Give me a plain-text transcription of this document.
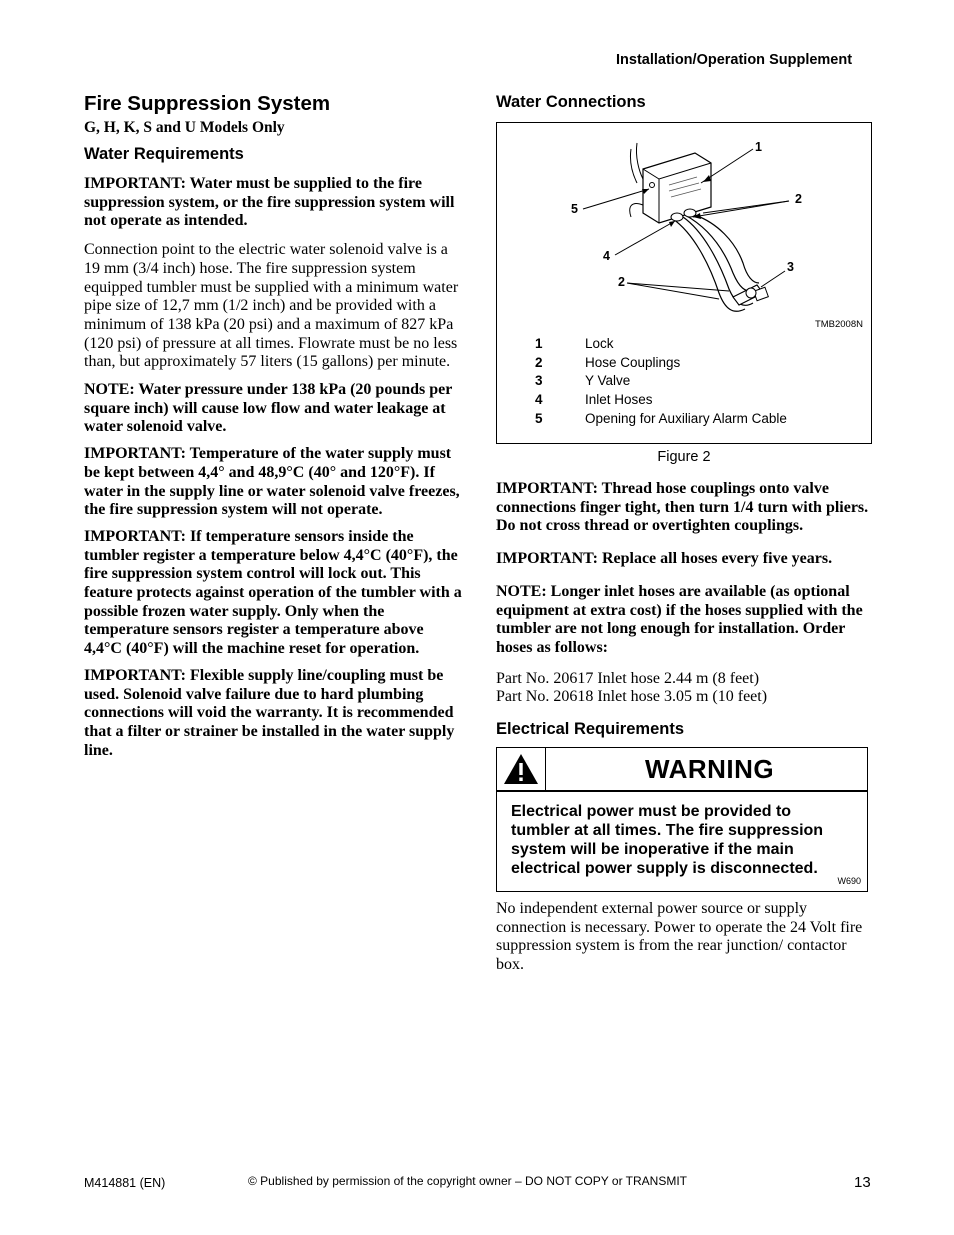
Installation/Operation Supplement
Fire Suppression System
G, H, K, S and U Models Only
Water Requirements

IMPORTANT: Water must be supplied to the fire suppression system, or the fire suppression system will not operate as intended.

Connection point to the electric water solenoid valve is a 19 mm (3/4 inch) hose. The fire suppression system equipped tumbler must be supplied with a minimum water pipe size of 12,7 mm (1/2 inch) and be provided with a minimum of 138 kPa (20 psi) and a maximum of 827 kPa (120 psi) of pressure at all times. Flowrate must be no less than, but approximately 57 liters (15 gallons) per minute.

NOTE: Water pressure under 138 kPa (20 pounds per square inch) will cause low flow and water leakage at water solenoid valve.

IMPORTANT: Temperature of the water supply must be kept between 4,4° and 48,9°C (40° and 120°F). If water in the supply line or water solenoid valve freezes, the fire suppression system will not operate.

IMPORTANT: If temperature sensors inside the tumbler register a temperature below 4,4°C (40°F), the fire suppression system control will lock out. This feature protects against operation of the tumbler with a possible frozen water supply. Only when the temperature sensors register a temperature above 4,4°C (40°F) will the machine reset for operation.

IMPORTANT: Flexible supply line/coupling must be used. Solenoid valve failure due to hard plumbing connections will void the warranty. It is recommended that a filter or strainer be installed in the water supply line.

Water Connections
1
2
3
4
2
5
TMB2008N
1	Lock
2	Hose Couplings
3	Y Valve
4	Inlet Hoses
5	Opening for Auxiliary Alarm Cable
Figure 2

IMPORTANT: Thread hose couplings onto valve connections finger tight, then turn 1/4 turn with pliers. Do not cross thread or overtighten couplings.

IMPORTANT: Replace all hoses every five years.

NOTE: Longer inlet hoses are available (as optional equipment at extra cost) if the hoses supplied with the tumbler are not long enough for installation. Order hoses as follows:

Part No. 20617 Inlet hose 2.44 m (8 feet)

Part No. 20618 Inlet hose 3.05 m (10 feet)

Electrical Requirements
WARNING
Electrical power must be provided to tumbler at all times. The fire suppression system will be inoperative if the main electrical power supply is disconnected.
W690

No independent external power source or supply connection is necessary. Power to operate the 24 Volt fire suppression system is from the rear junction/ contactor box.

M414881 (EN)	© Published by permission of the copyright owner – DO NOT COPY or TRANSMIT	13
